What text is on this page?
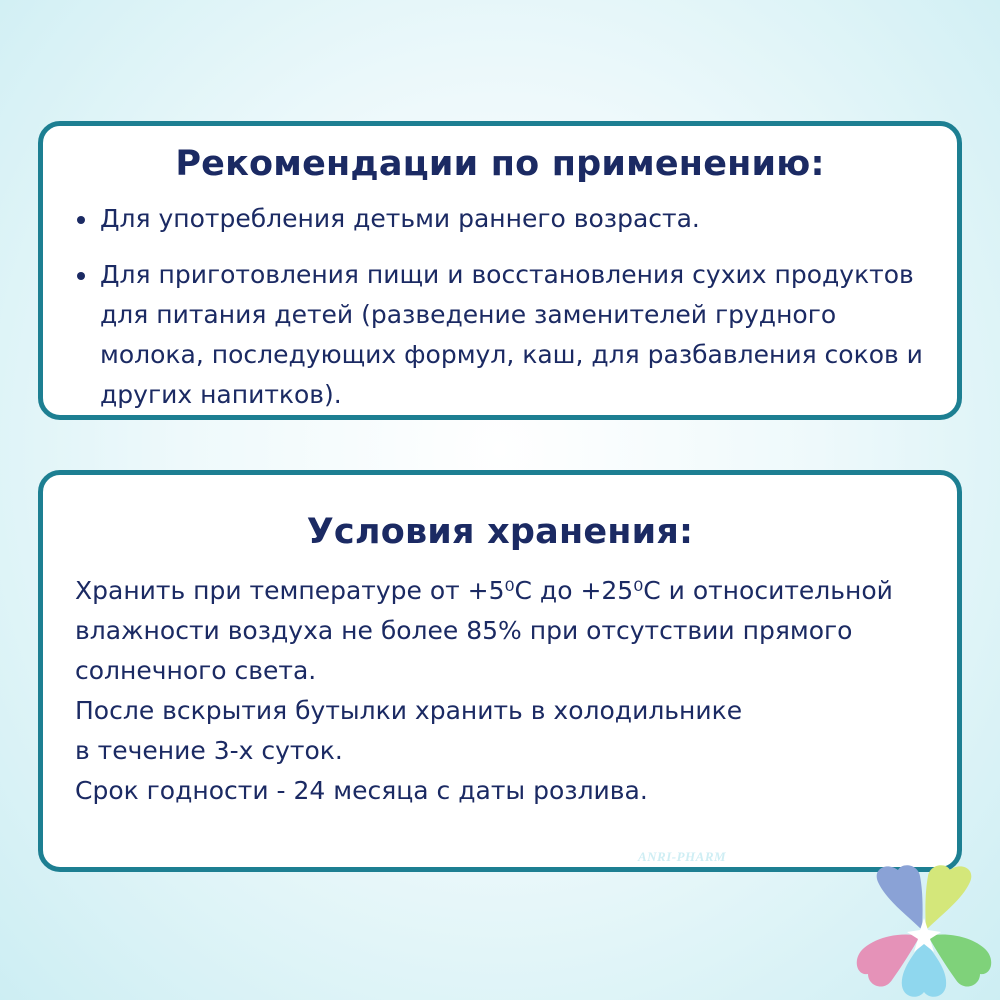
Рекомендации по применению:
Для употребления детьми раннего возраста.
Для приготовления пищи и восстановления сухих продуктов для питания детей (разведение заменителей грудного молока, последующих формул, каш, для разбавления соков и других напитков).
Условия хранения:
Хранить при температуре от +5⁰С до +25⁰С и относительной
влажности воздуха не более 85% при отсутствии прямого
солнечного света.
После вскрытия бутылки хранить в холодильнике
в течение 3-х суток.
Срок годности - 24 месяца с даты розлива.
ANRI-PHARM
